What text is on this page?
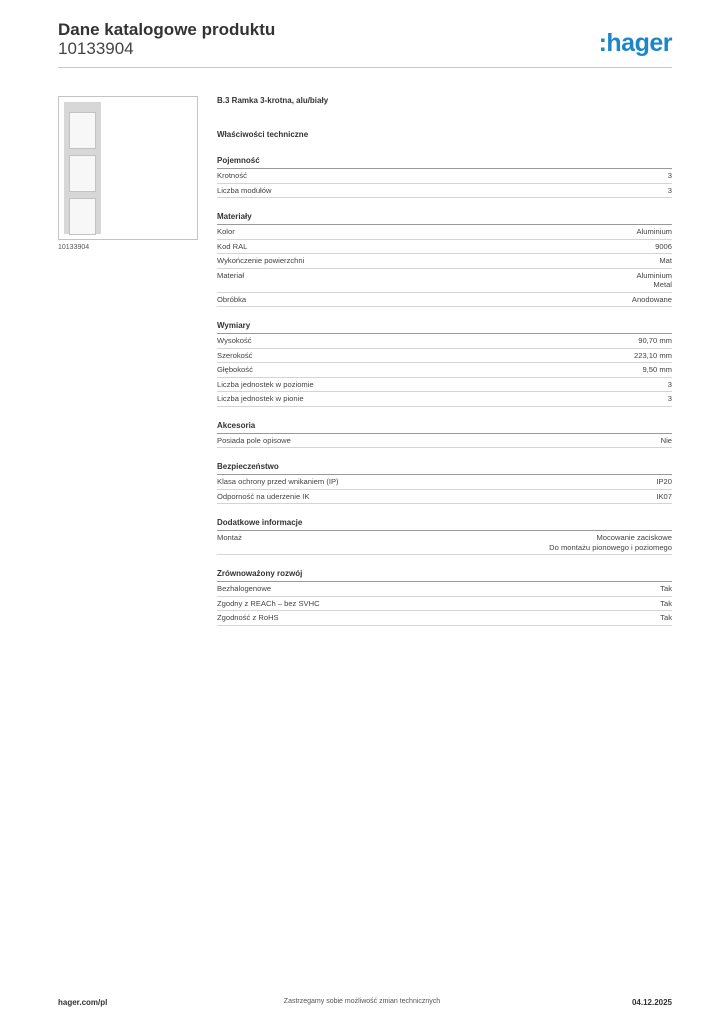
Dane katalogowe produktu
10133904	:hager
10133904
B.3 Ramka 3-krotna, alu/biały
Właściwości techniczne
Pojemność
Krotność	3
Liczba modułów	3
Materiały
Kolor	Aluminium
Kod RAL	9006
Wykończenie powierzchni	Mat
Materiał	Aluminium
Metal
Obróbka	Anodowane
Wymiary
Wysokość	90,70 mm
Szerokość	223,10 mm
Głębokość	9,50 mm
Liczba jednostek w poziomie	3
Liczba jednostek w pionie	3
Akcesoria
Posiada pole opisowe	Nie
Bezpieczeństwo
Klasa ochrony przed wnikaniem (IP)	IP20
Odporność na uderzenie IK	IK07
Dodatkowe informacje
Montaż	Mocowanie zaciskowe
Do montażu pionowego i poziomego
Zrównoważony rozwój
Bezhalogenowe	Tak
Zgodny z REACh – bez SVHC	Tak
Zgodność z RoHS	Tak
hager.com/pl	Zastrzegamy sobie możliwość zmian technicznych	04.12.2025
